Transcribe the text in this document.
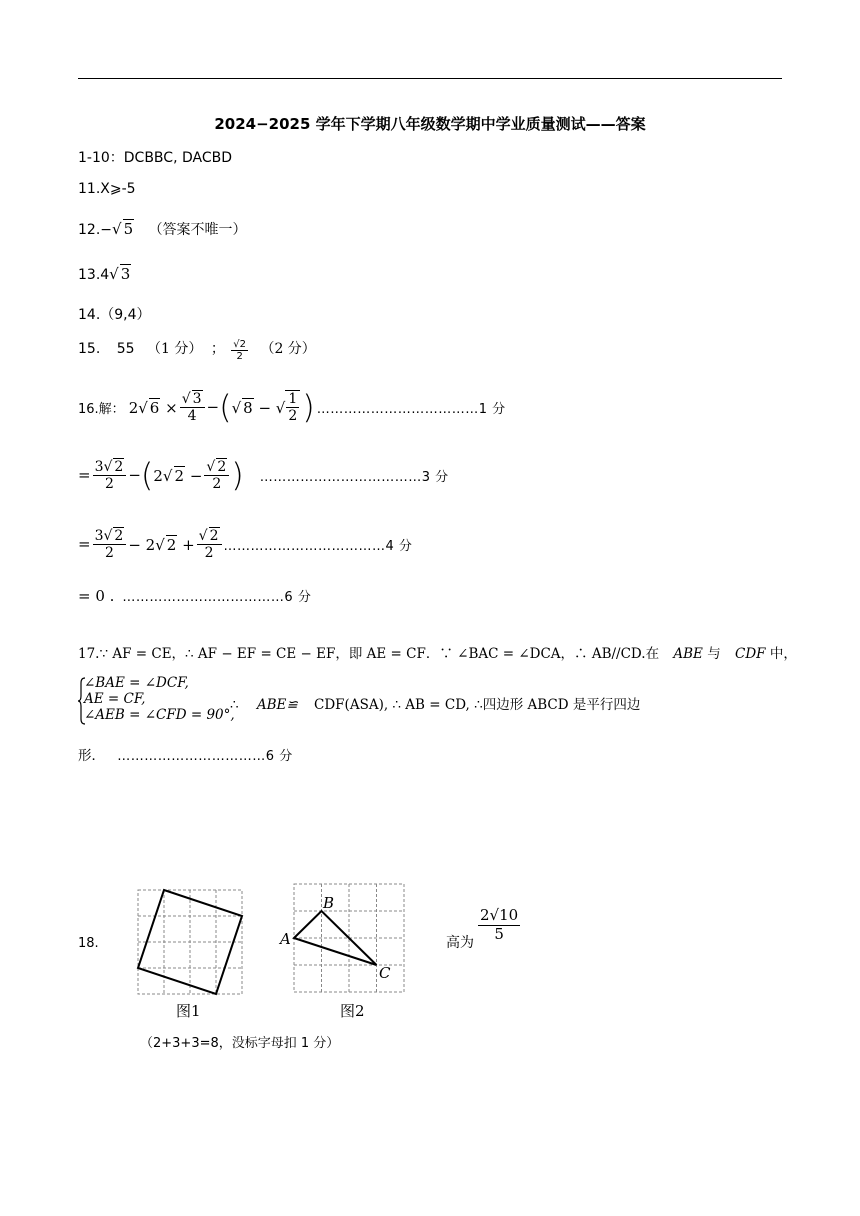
2024−2025 学年下学期八年级数学期中学业质量测试——答案
1-10：DCBBC, DACBD
11.X⩾-5
12.−√ 5 （答案不唯一）
13.4√ 3
14.（9,4）
15. 55 （1 分） ； $\frac{√2}{2} (2$ 分）
16.解： 2√ $6 \times \frac{√ 3}{4}$ − ( √ 8 − √ $\frac{1}{2}$ ) ………………………………1 分
= $\frac{3√ 2}{2}$ − ( 2√ $2 - \frac{√ 2}{2}$ ) ………………………………3 分
= $\frac{3√ 2}{2} - 2√$ $2 + \frac{√ 2}{2}$ ………………………………4 分
= 0 . ………………………………6 分
17.∵ AF = CE，∴ AF − EF = CE − EF，即 AE = CF．∵ ∠BAC = ∠DCA，∴ AB//CD.在 ABE 与 CDF 中，
∠BAE = ∠DCF,
AE = CF,
∠AEB = ∠CFD = 90°,
∴ ABE≌ CDF(ASA), ∴ AB = CD, ∴四边形 ABCD 是平行四边
形． ……………………………6 分
18.
图1
A
B
C
图2
高为
$\frac{2√10}{5}$
（2+3+3=8，没标字母扣 1 分）
